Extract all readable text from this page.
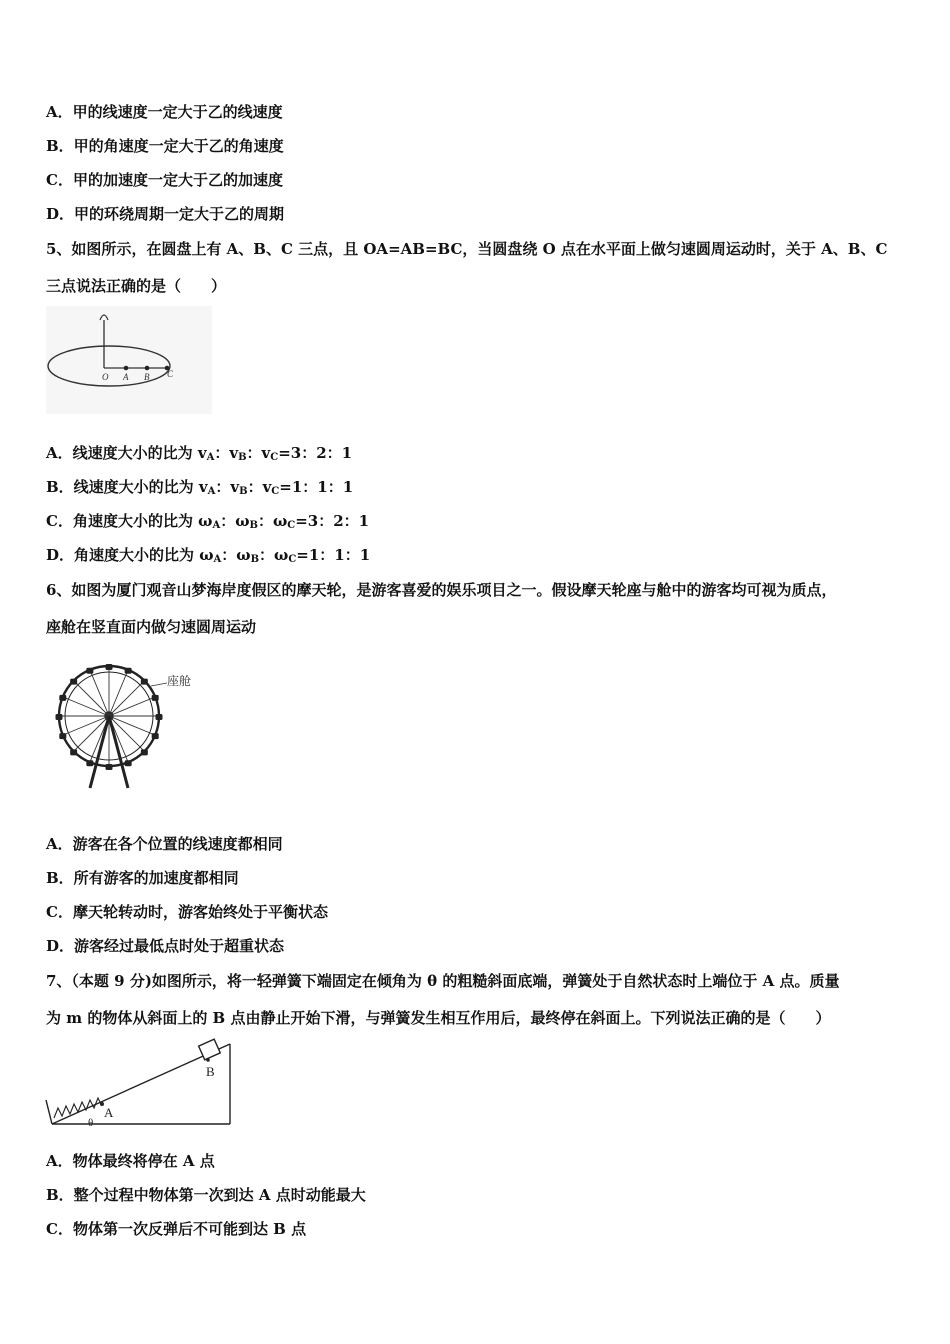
A．甲的线速度一定大于乙的线速度
B．甲的角速度一定大于乙的角速度
C．甲的加速度一定大于乙的加速度
D．甲的环绕周期一定大于乙的周期
5、如图所示，在圆盘上有 A、B、C 三点，且 OA=AB=BC，当圆盘绕 O 点在水平面上做匀速圆周运动时，关于 A、B、C
三点说法正确的是（　　）
O A B C
A．线速度大小的比为 $v_A$：$v_B$：$v_C=3$：2：1
B．线速度大小的比为 $v_A$：$v_B$：$v_C=1$：1：1
C．角速度大小的比为 $\omega_A$：$\omega_B$：$\omega_C=3$：2：1
D．角速度大小的比为 $\omega_A$：$\omega_B$：$\omega_C=1$：1：1
6、如图为厦门观音山梦海岸度假区的摩天轮，是游客喜爱的娱乐项目之一。假设摩天轮座与舱中的游客均可视为质点，
座舱在竖直面内做匀速圆周运动
座舱
A．游客在各个位置的线速度都相同
B．所有游客的加速度都相同
C．摩天轮转动时，游客始终处于平衡状态
D．游客经过最低点时处于超重状态
7、（本题 9 分)如图所示，将一轻弹簧下端固定在倾角为 θ 的粗糙斜面底端，弹簧处于自然状态时上端位于 A 点。质量
为 m 的物体从斜面上的 B 点由静止开始下滑，与弹簧发生相互作用后，最终停在斜面上。下列说法正确的是（　　）
A
θ
B
A．物体最终将停在 A 点
B．整个过程中物体第一次到达 A 点时动能最大
C．物体第一次反弹后不可能到达 B 点
